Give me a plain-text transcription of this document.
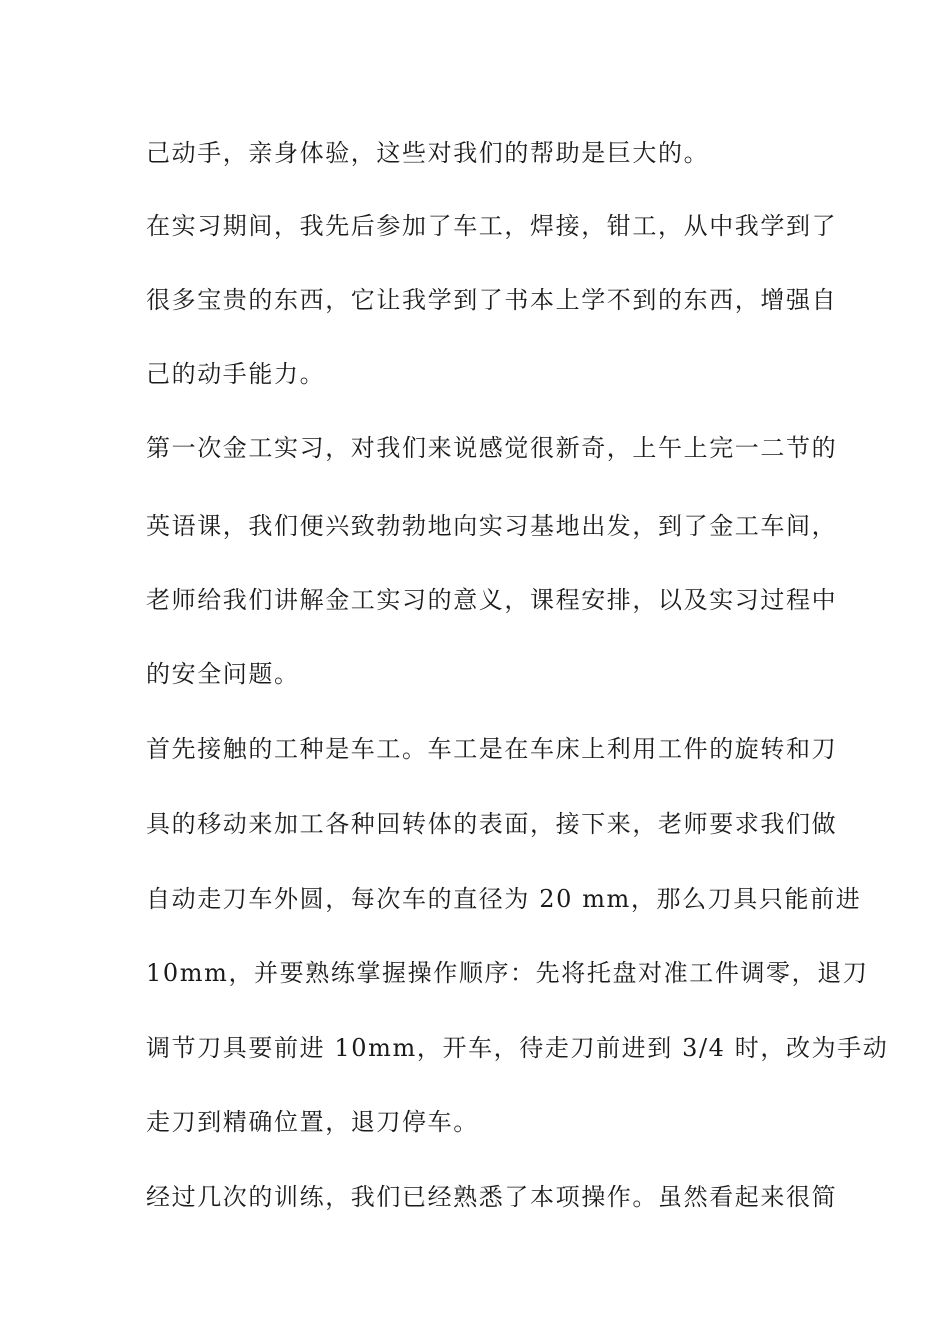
己动手，亲身体验，这些对我们的帮助是巨大的。
在实习期间，我先后参加了车工，焊接，钳工，从中我学到了
很多宝贵的东西，它让我学到了书本上学不到的东西，增强自
己的动手能力。
第一次金工实习，对我们来说感觉很新奇，上午上完一二节的
英语课，我们便兴致勃勃地向实习基地出发，到了金工车间，
老师给我们讲解金工实习的意义，课程安排，以及实习过程中
的安全问题。
首先接触的工种是车工。车工是在车床上利用工件的旋转和刀
具的移动来加工各种回转体的表面，接下来，老师要求我们做
自动走刀车外圆，每次车的直径为 20 mm，那么刀具只能前进
10mm，并要熟练掌握操作顺序：先将托盘对准工件调零，退刀
调节刀具要前进 10mm，开车，待走刀前进到 3/4 时，改为手动
走刀到精确位置，退刀停车。
经过几次的训练，我们已经熟悉了本项操作。虽然看起来很简
